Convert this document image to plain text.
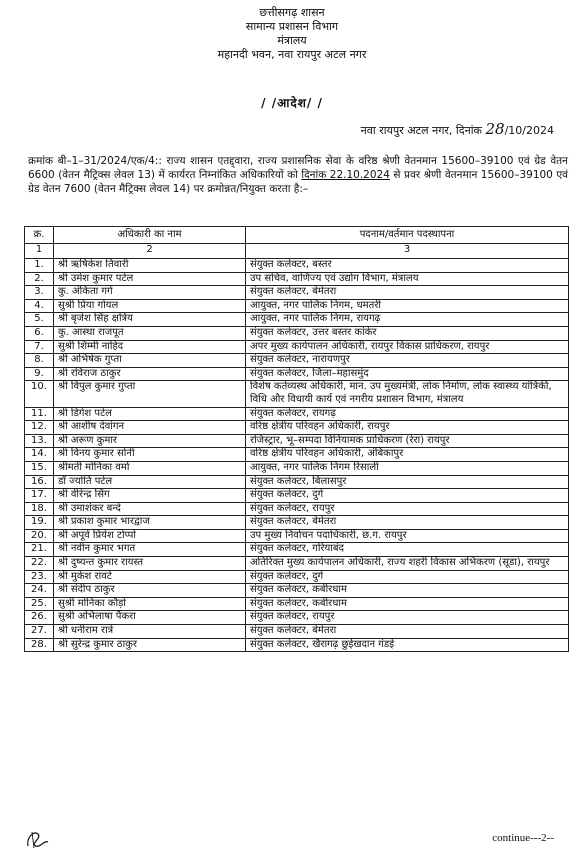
छत्तीसगढ़ शासन
सामान्य प्रशासन विभाग
मंत्रालय
महानदी भवन, नवा रायपुर अटल नगर
/ /आदेश/ /
नवा रायपुर अटल नगर, दिनांक 28/10/2024
क्रमांक बी–1–31/2024/एक/4:: राज्य शासन एतद्द्वारा, राज्य प्रशासनिक सेवा के वरिष्ठ श्रेणी वेतनमान 15600–39100 एवं ग्रेड वेतन 6600 (वेतन मैट्रिक्स लेवल 13) में कार्यरत निम्नांकित अधिकारियों को दिनांक 22.10.2024 से प्रवर श्रेणी वेतनमान 15600–39100 एवं ग्रेड वेतन 7600 (वेतन मैट्रिक्स लेवल 14) पर क्रमोन्नत/नियुक्त करता है:–
क्र.	अधिकारी का नाम	पदनाम/वर्तमान पदस्थापना
1	2	3
1.	श्री ऋषिकेश तिवारी	संयुक्त कलेक्टर, बस्तर
2.	श्री उमेश कुमार पटेल	उप सचिव, वाणिज्य एवं उद्योग विभाग, मंत्रालय
3.	कु. अंकिता गर्ग	संयुक्त कलेक्टर, बेमेतरा
4.	सुश्री प्रिया गोयल	आयुक्त, नगर पालिक निगम, धमतरी
5.	श्री बृजेश सिंह क्षत्रिय	आयुक्त, नगर पालिक निगम, रायगढ़
6.	कु. आस्था राजपूत	संयुक्त कलेक्टर, उत्तर बस्तर कांकेर
7.	सुश्री शिम्मी नाहिद	अपर मुख्य कार्यपालन अधिकारी, रायपुर विकास प्राधिकरण, रायपुर
8.	श्री अभिषेक गुप्ता	संयुक्त कलेक्टर, नारायणपुर
9.	श्री रविराज ठाकुर	संयुक्त कलेक्टर, जिला–महासमुंद
10.	श्री विपुल कुमार गुप्ता	विशेष कर्तव्यस्थ अधिकारी, मान. उप मुख्यमंत्री, लोक निर्माण, लोक स्वास्थ्य यांत्रिकी, विधि और विधायी कार्य एवं नगरीय प्रशासन विभाग, मंत्रालय
11.	श्री डिगेश पटेल	संयुक्त कलेक्टर, रायगढ़
12.	श्री आशीष देवांगन	वरिष्ठ क्षेत्रीय परिवहन अधिकारी, रायपुर
13.	श्री अरूण कुमार	रजिस्ट्रार, भू–सम्पदा विनियामक प्राधिकरण (रेरा) रायपुर
14.	श्री विनय कुमार सोनी	वरिष्ठ क्षेत्रीय परिवहन अधिकारी, अंबिकापुर
15.	श्रीमती मोनिका वर्मा	आयुक्त, नगर पालिक निगम रिसाली
16.	डॉ ज्योति पटेल	संयुक्त कलेक्टर, बिलासपुर
17.	श्री वीरेन्द्र सिंग	संयुक्त कलेक्टर, दुर्ग
18.	श्री उमाशंकर बन्दे	संयुक्त कलेक्टर, रायपुर
19.	श्री प्रकाश कुमार भारद्वाज	संयुक्त कलेक्टर, बेमेतरा
20.	श्री अपूर्व प्रियेश टोप्पो	उप मुख्य निर्वाचन पदाधिकारी, छ.ग. रायपुर
21.	श्री नवीन कुमार भगत	संयुक्त कलेक्टर, गरियाबंद
22.	श्री दुष्यन्त कुमार रायस्त	अतिरिक्त मुख्य कार्यपालन अधिकारी, राज्य शहरी विकास अभिकरण (सूडा), रायपुर
23.	श्री मुकेश रावटे	संयुक्त कलेक्टर, दुर्ग
24.	श्री संदीप ठाकुर	संयुक्त कलेक्टर, कबीरधाम
25.	सुश्री मोनिका कौड़ो	संयुक्त कलेक्टर, कबीरधाम
26.	सुश्री अभिलाषा पैकरा	संयुक्त कलेक्टर, रायपुर
27.	श्री धनीराम रात्रे	संयुक्त कलेक्टर, बेमेतरा
28.	श्री सुरेन्द्र कुमार ठाकुर	संयुक्त कलेक्टर, खैरागढ़ छुईखदान गंडई
continue---2--
